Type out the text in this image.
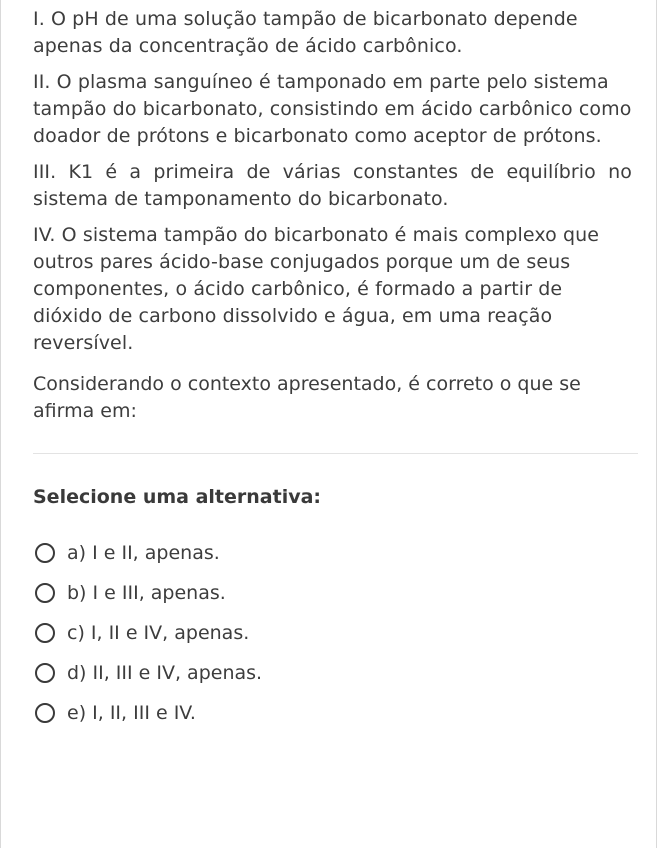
I. O pH de uma solução tampão de bicarbonato depende apenas da concentração de ácido carbônico.

II. O plasma sanguíneo é tamponado em parte pelo sistema tampão do bicarbonato, consistindo em ácido carbônico como doador de prótons e bicarbonato como aceptor de prótons.

III. K1 é a primeira de várias constantes de equilíbrio no sistema de tamponamento do bicarbonato.

IV. O sistema tampão do bicarbonato é mais complexo que outros pares ácido-base conjugados porque um de seus componentes, o ácido carbônico, é formado a partir de dióxido de carbono dissolvido e água, em uma reação reversível.

Considerando o contexto apresentado, é correto o que se afirma em:

Selecione uma alternativa:
a) I e II, apenas.
b) I e III, apenas.
c) I, II e IV, apenas.
d) II, III e IV, apenas.
e) I, II, III e IV.
